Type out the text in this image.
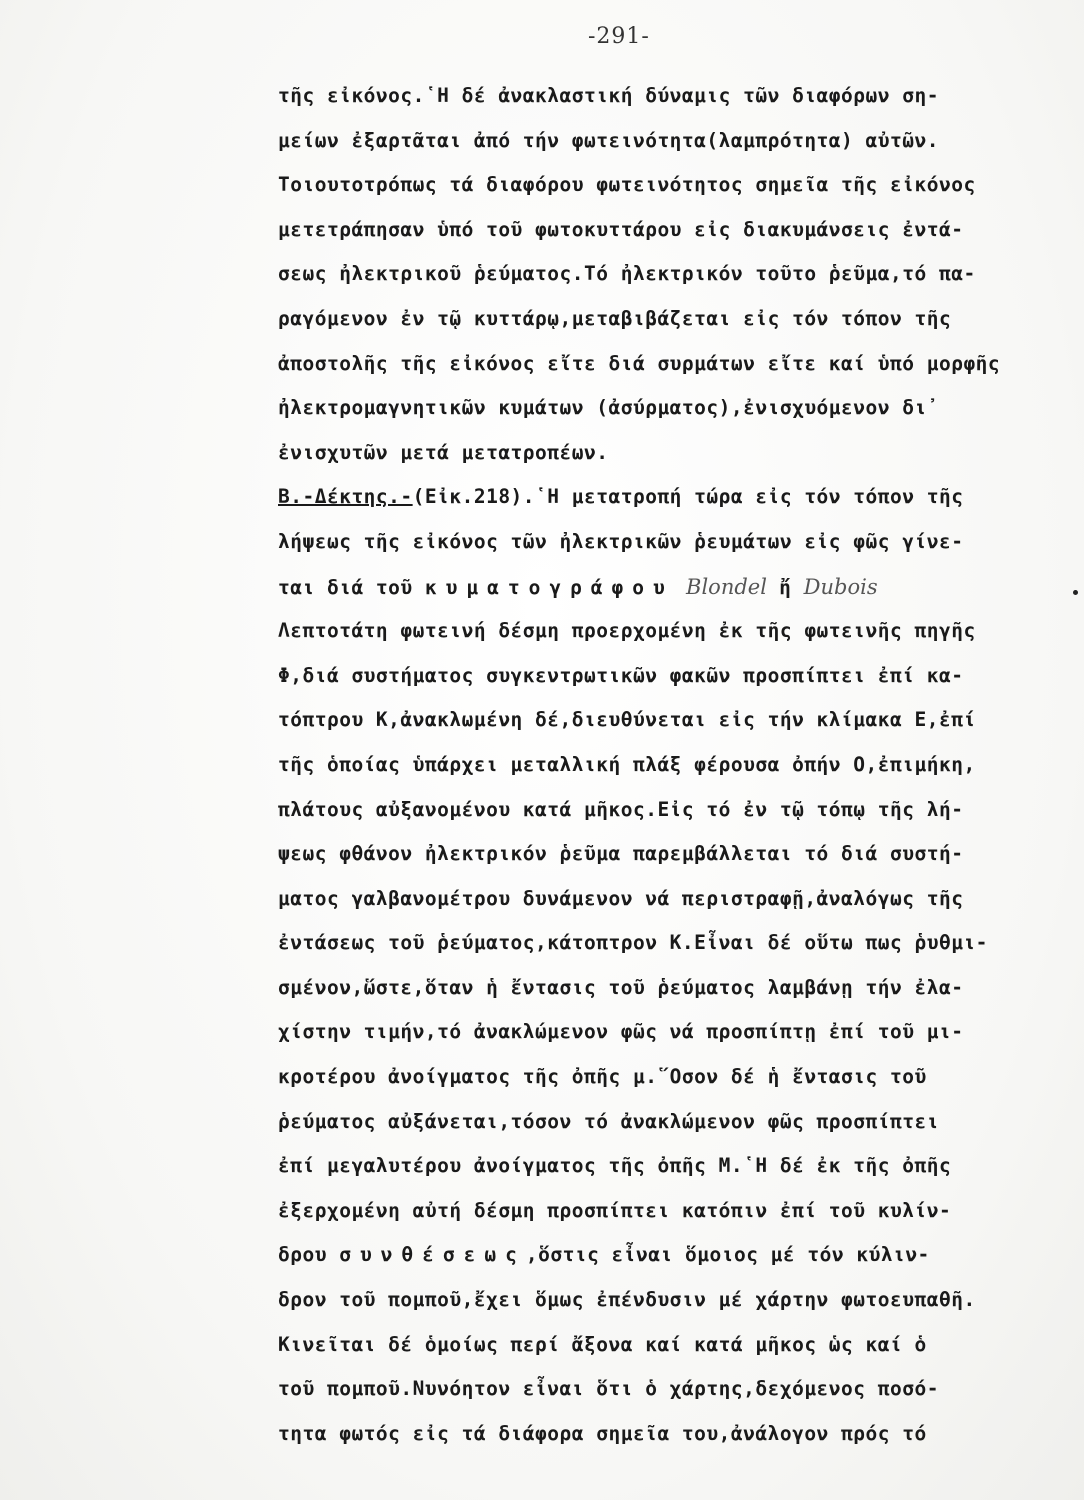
-291-
τῆς εἰκόνος.῾Η δέ ἀνακλαστική δύναμις τῶν διαφόρων ση-
μείων ἐξαρτᾶται ἀπό τήν φωτεινότητα(λαμπρότητα) αὐτῶν.
Τοιουτοτρόπως τά διαφόρου φωτεινότητος σημεῖα τῆς εἰκόνος
μετετράπησαν ὑπό τοῦ φωτοκυττάρου εἰς διακυμάνσεις ἐντά-
σεως ἠλεκτρικοῦ ῥεύματος.Τό ἠλεκτρικόν τοῦτο ῥεῦμα,τό πα-
ραγόμενον ἐν τῷ κυττάρῳ,μεταβιβάζεται εἰς τόν τόπον τῆς
ἀποστολῆς τῆς εἰκόνος εἴτε διά συρμάτων εἴτε καί ὑπό μορφῆς
ἠλεκτρομαγνητικῶν κυμάτων (ἀσύρματος),ἐνισχυόμενον δι᾽
ἐνισχυτῶν μετά μετατροπέων.
Β.-Δέκτης.-(Εἰκ.218).῾Η μετατροπή τώρα εἰς τόν τόπον τῆς
λήψεως τῆς εἰκόνος τῶν ἠλεκτρικῶν ῥευμάτων εἰς φῶς γίνε-
ται διά τοῦ κυματογράφου Blondel ἤ Dubois
Λεπτοτάτη φωτεινή δέσμη προερχομένη ἐκ τῆς φωτεινῆς πηγῆς
Φ,διά συστήματος συγκεντρωτικῶν φακῶν προσπίπτει ἐπί κα-
τόπτρου Κ,ἀνακλωμένη δέ,διευθύνεται εἰς τήν κλίμακα Ε,ἐπί
τῆς ὁποίας ὑπάρχει μεταλλική πλάξ φέρουσα ὀπήν Ο,ἐπιμήκη,
πλάτους αὐξανομένου κατά μῆκος.Εἰς τό ἐν τῷ τόπῳ τῆς λή-
ψεως φθάνον ἠλεκτρικόν ῥεῦμα παρεμβάλλεται τό διά συστή-
ματος γαλβανομέτρου δυνάμενον νά περιστραφῇ,ἀναλόγως τῆς
ἐντάσεως τοῦ ῥεύματος,κάτοπτρον Κ.Εἶναι δέ οὕτω πως ῥυθμι-
σμένον,ὥστε,ὅταν ἡ ἔντασις τοῦ ῥεύματος λαμβάνῃ τήν ἐλα-
χίστην τιμήν,τό ἀνακλώμενον φῶς νά προσπίπτῃ ἐπί τοῦ μι-
κροτέρου ἀνοίγματος τῆς ὀπῆς μ.῞Οσον δέ ἡ ἔντασις τοῦ
ῥεύματος αὐξάνεται,τόσον τό ἀνακλώμενον φῶς προσπίπτει
ἐπί μεγαλυτέρου ἀνοίγματος τῆς ὀπῆς Μ.῾Η δέ ἐκ τῆς ὀπῆς
ἐξερχομένη αὐτή δέσμη προσπίπτει κατόπιν ἐπί τοῦ κυλίν-
δρου συνθέσεως,ὅστις εἶναι ὅμοιος μέ τόν κύλιν-
δρον τοῦ πομποῦ,ἔχει ὅμως ἐπένδυσιν μέ χάρτην φωτοευπαθῆ.
Κινεῖται δέ ὁμοίως περί ἄξονα καί κατά μῆκος ὡς καί ὁ
τοῦ πομποῦ.Νυνόητον εἶναι ὅτι ὁ χάρτης,δεχόμενος ποσό-
τητα φωτός εἰς τά διάφορα σημεῖα του,ἀνάλογον πρός τό
